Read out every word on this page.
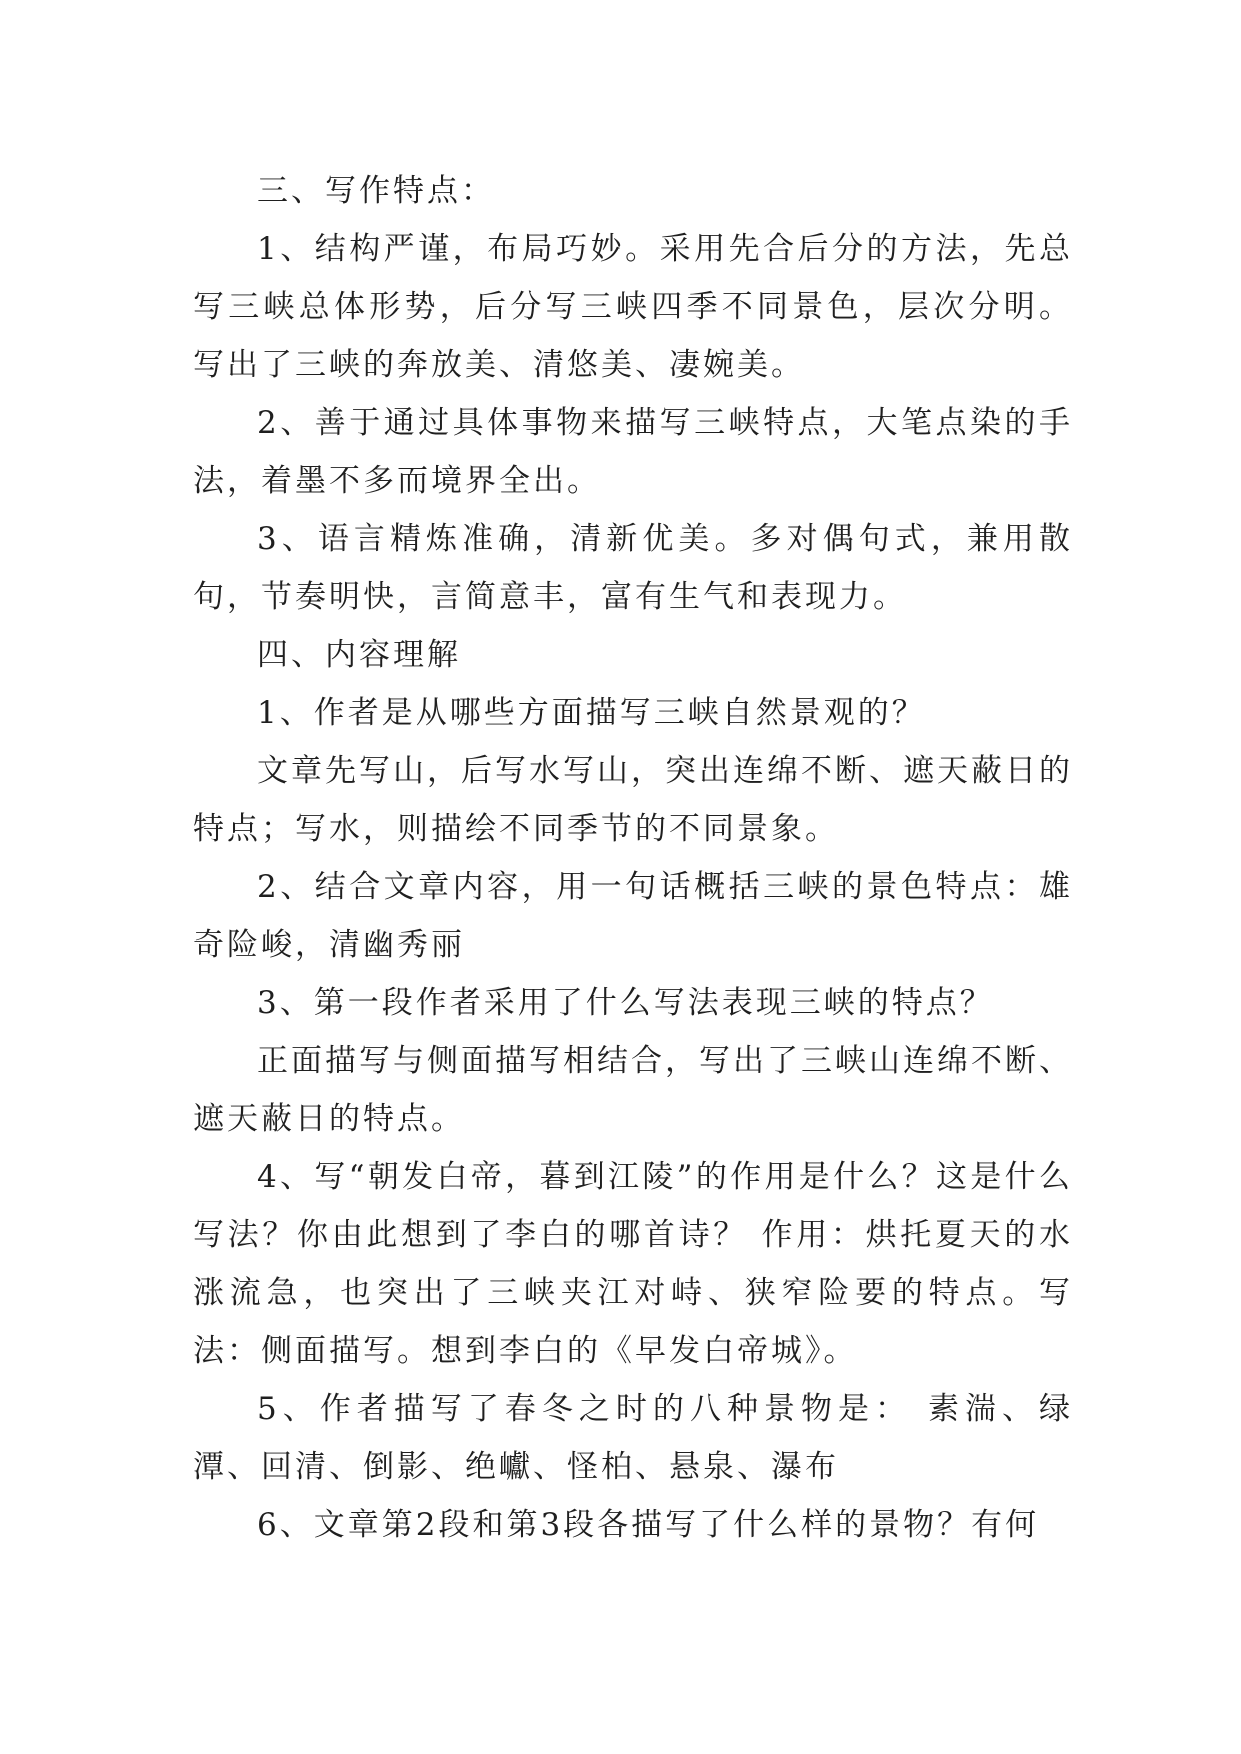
三、写作特点：

1、结构严谨，布局巧妙。采用先合后分的方法，先总写三峡总体形势，后分写三峡四季不同景色，层次分明。写出了三峡的奔放美、清悠美、凄婉美。

2、善于通过具体事物来描写三峡特点，大笔点染的手法，着墨不多而境界全出。

3、语言精炼准确，清新优美。多对偶句式，兼用散句，节奏明快，言简意丰，富有生气和表现力。

四、内容理解

1、作者是从哪些方面描写三峡自然景观的？

文章先写山，后写水写山，突出连绵不断、遮天蔽日的特点；写水，则描绘不同季节的不同景象。

2、结合文章内容，用一句话概括三峡的景色特点：雄奇险峻，清幽秀丽

3、第一段作者采用了什么写法表现三峡的特点？

正面描写与侧面描写相结合，写出了三峡山连绵不断、遮天蔽日的特点。

4、写“朝发白帝，暮到江陵”的作用是什么？这是什么写法？你由此想到了李白的哪首诗？ 作用：烘托夏天的水涨流急，也突出了三峡夹江对峙、狭窄险要的特点。写法：侧面描写。想到李白的《早发白帝城》。

5、作者描写了春冬之时的八种景物是： 素湍、绿潭、回清、倒影、绝巘、怪柏、悬泉、瀑布

6、文章第2段和第3段各描写了什么样的景物？有何
